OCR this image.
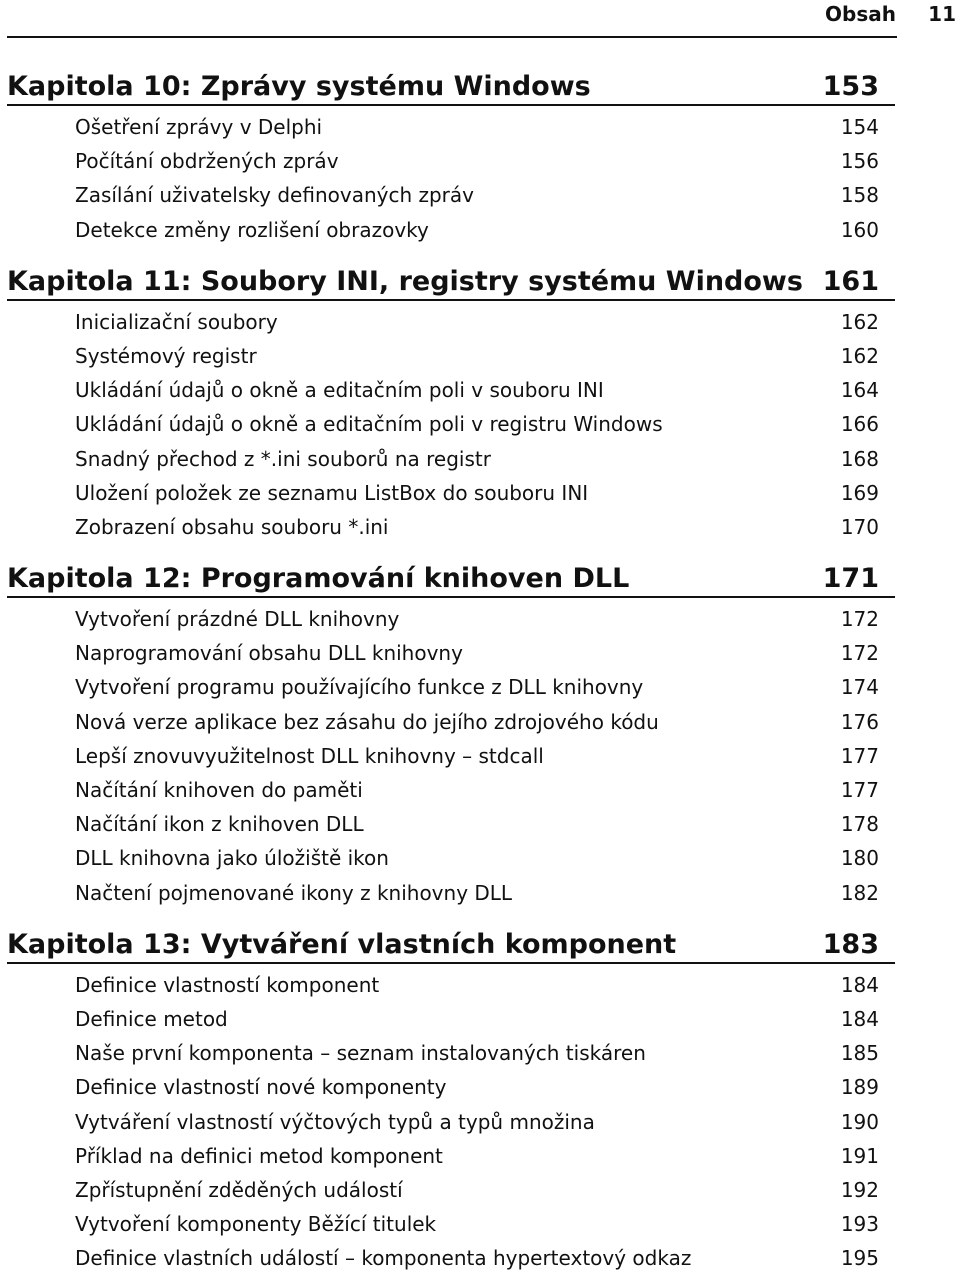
Obsah 11
Kapitola 10: Zprávy systému Windows	153
Ošetření zprávy v Delphi	154
Počítání obdržených zpráv	156
Zasílání uživatelsky definovaných zpráv	158
Detekce změny rozlišení obrazovky	160
Kapitola 11: Soubory INI, registry systému Windows 161
Inicializační soubory	162
Systémový registr	162
Ukládání údajů o okně a editačním poli v souboru INI	164
Ukládání údajů o okně a editačním poli v registru Windows	166
Snadný přechod z *.ini souborů na registr	168
Uložení položek ze seznamu ListBox do souboru INI	169
Zobrazení obsahu souboru *.ini	170
Kapitola 12: Programování knihoven DLL	171
Vytvoření prázdné DLL knihovny	172
Naprogramování obsahu DLL knihovny	172
Vytvoření programu používajícího funkce z DLL knihovny	174
Nová verze aplikace bez zásahu do jejího zdrojového kódu	176
Lepší znovuvyužitelnost DLL knihovny – stdcall	177
Načítání knihoven do paměti	177
Načítání ikon z knihoven DLL	178
DLL knihovna jako úložiště ikon	180
Načtení pojmenované ikony z knihovny DLL	182
Kapitola 13: Vytváření vlastních komponent	183
Definice vlastností komponent	184
Definice metod	184
Naše první komponenta – seznam instalovaných tiskáren	185
Definice vlastností nové komponenty	189
Vytváření vlastností výčtových typů a typů množina	190
Příklad na definici metod komponent	191
Zpřístupnění zděděných událostí	192
Vytvoření komponenty Běžící titulek	193
Definice vlastních událostí – komponenta hypertextový odkaz	195
